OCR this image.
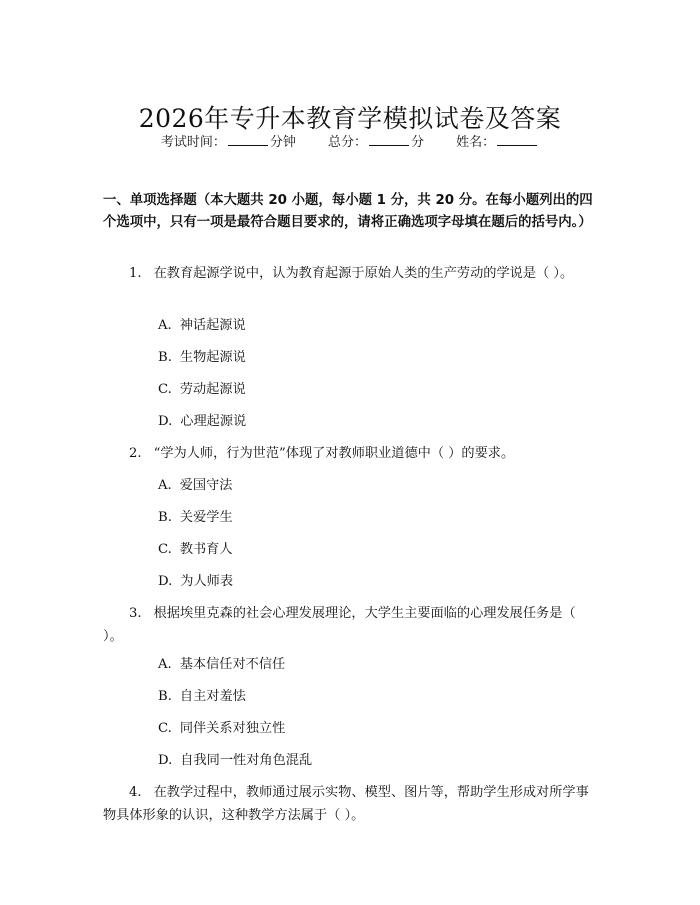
2026年专升本教育学模拟试卷及答案
考试时间：	分钟 总分：	分 姓名：
一、单项选择题（本大题共 20 小题，每小题 1 分，共 20 分。在每小题列出的四个选项中，只有一项是最符合题目要求的，请将正确选项字母填在题后的括号内。）
1. 在教育起源学说中，认为教育起源于原始人类的生产劳动的学说是（ ）。
A. 神话起源说
B. 生物起源说
C. 劳动起源说
D. 心理起源说
2. “学为人师，行为世范”体现了对教师职业道德中（ ）的要求。
A. 爱国守法
B. 关爱学生
C. 教书育人
D. 为人师表
3. 根据埃里克森的社会心理发展理论，大学生主要面临的心理发展任务是（ ）。
A. 基本信任对不信任
B. 自主对羞怯
C. 同伴关系对独立性
D. 自我同一性对角色混乱
4. 在教学过程中，教师通过展示实物、模型、图片等，帮助学生形成对所学事物具体形象的认识，这种教学方法属于（ ）。
